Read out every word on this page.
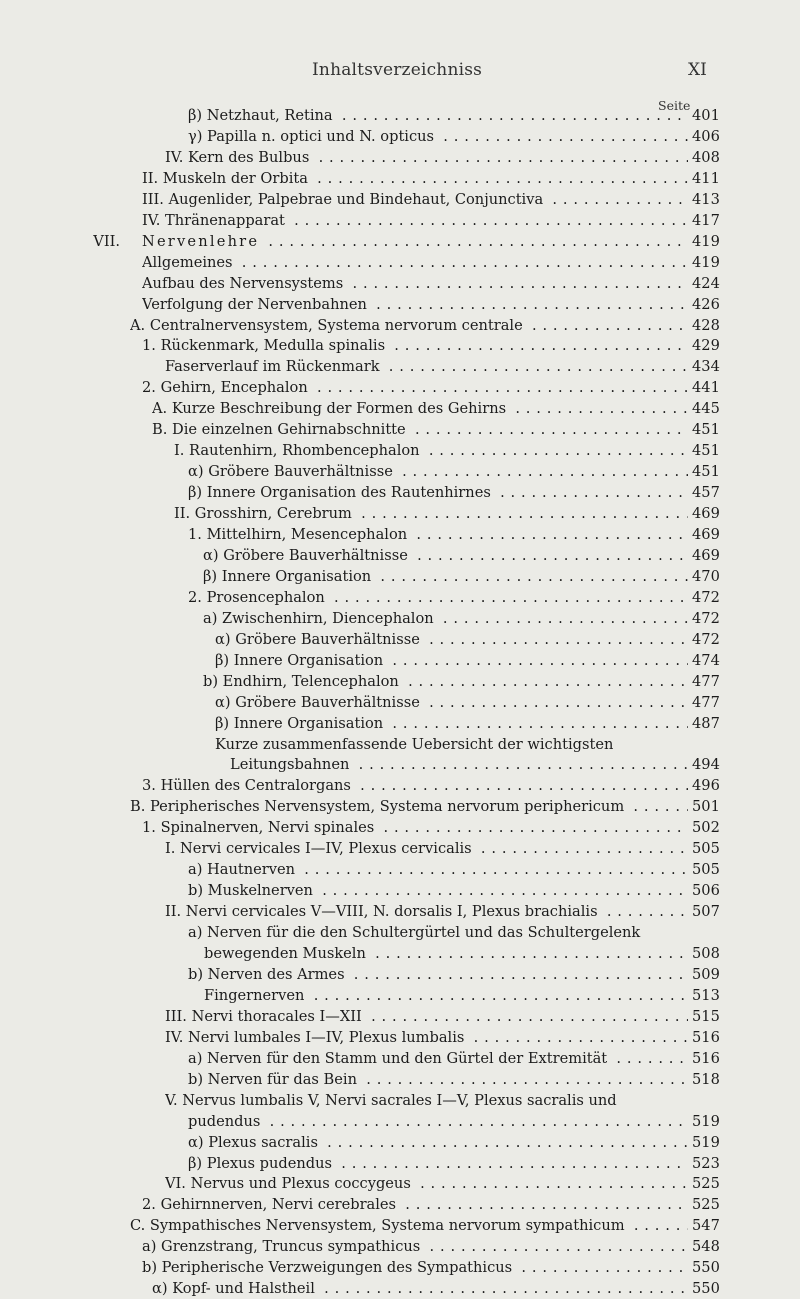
Inhaltsverzeichniss	XI
Seite
β) Netzhaut, Retina . . .	401
γ) Papilla n. optici und N. opticus . . .	406
IV. Kern des Bulbus . . .	408
II. Muskeln der Orbita . . .	411
III. Augenlider, Palpebrae und Bindehaut, Conjunctiva . . .	413
IV. Thränenapparat . . .	417
VII. Nervenlehre . . .	419
Allgemeines . . .	419
Aufbau des Nervensystems . . .	424
Verfolgung der Nervenbahnen . . .	426
A. Centralnervensystem, Systema nervorum centrale . . .	428
1. Rückenmark, Medulla spinalis . . .	429
Faserverlauf im Rückenmark . . .	434
2. Gehirn, Encephalon . . .	441
A. Kurze Beschreibung der Formen des Gehirns . . .	445
B. Die einzelnen Gehirnabschnitte . . .	451
I. Rautenhirn, Rhombencephalon . . .	451
α) Gröbere Bauverhältnisse . . .	451
β) Innere Organisation des Rautenhirnes . . .	457
II. Grosshirn, Cerebrum . . .	469
1. Mittelhirn, Mesencephalon . . .	469
α) Gröbere Bauverhältnisse . . .	469
β) Innere Organisation . . .	470
2. Prosencephalon . . .	472
a) Zwischenhirn, Diencephalon . . .	472
α) Gröbere Bauverhältnisse . . .	472
β) Innere Organisation . . .	474
b) Endhirn, Telencephalon . . .	477
α) Gröbere Bauverhältnisse . . .	477
β) Innere Organisation . . .	487
Kurze zusammenfassende Uebersicht der wichtigsten
Leitungsbahnen . . .	494
3. Hüllen des Centralorgans . . .	496
B. Peripherisches Nervensystem, Systema nervorum periphericum . . .	501
1. Spinalnerven, Nervi spinales . . .	502
I. Nervi cervicales I—IV, Plexus cervicalis . . .	505
a) Hautnerven . . .	505
b) Muskelnerven . . .	506
II. Nervi cervicales V—VIII, N. dorsalis I, Plexus brachialis . . .	507
a) Nerven für die den Schultergürtel und das Schultergelenk
bewegenden Muskeln . . .	508
b) Nerven des Armes . . .	509
Fingernerven . . .	513
III. Nervi thoracales I—XII . . .	515
IV. Nervi lumbales I—IV, Plexus lumbalis . . .	516
a) Nerven für den Stamm und den Gürtel der Extremität . . .	516
b) Nerven für das Bein . . .	518
V. Nervus lumbalis V, Nervi sacrales I—V, Plexus sacralis und
pudendus . . .	519
α) Plexus sacralis . . .	519
β) Plexus pudendus . . .	523
VI. Nervus und Plexus coccygeus . . .	525
2. Gehirnnerven, Nervi cerebrales . . .	525
C. Sympathisches Nervensystem, Systema nervorum sympathicum . . .	547
a) Grenzstrang, Truncus sympathicus . . .	548
b) Peripherische Verzweigungen des Sympathicus . . .	550
α) Kopf- und Halstheil . . .	550
